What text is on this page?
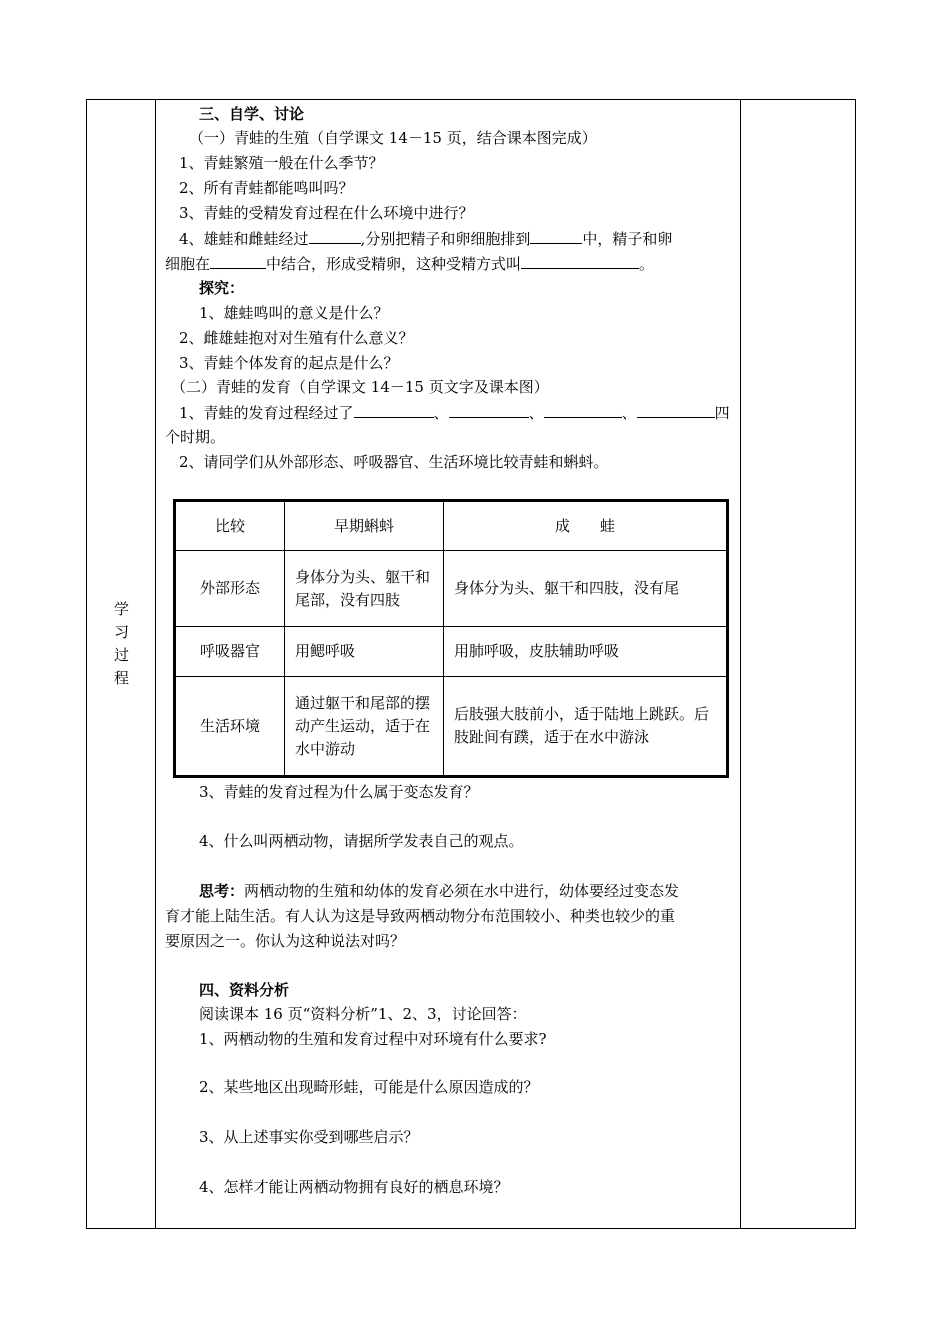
学
习
过
程
三、自学、讨论
（一）青蛙的生殖（自学课文 14－15 页，结合课本图完成）
1、青蛙繁殖一般在什么季节？
2、所有青蛙都能鸣叫吗？
3、青蛙的受精发育过程在什么环境中进行？
4、雄蛙和雌蛙经过	,分别把精子和卵细胞排到	中，精子和卵
细胞在	中结合，形成受精卵，这种受精方式叫	。
探究：
1、雄蛙鸣叫的意义是什么？
2、雌雄蛙抱对对生殖有什么意义？
3、青蛙个体发育的起点是什么？
（二）青蛙的发育（自学课文 14－15 页文字及课本图）
1、青蛙的发育过程经过了	、	、	、	四
个时期。
2、请同学们从外部形态、呼吸器官、生活环境比较青蛙和蝌蚪。
比较	早期蝌蚪	成　　蛙
外部形态	身体分为头、躯干和尾部，没有四肢	身体分为头、躯干和四肢，没有尾
呼吸器官	用鳃呼吸	用肺呼吸，皮肤辅助呼吸
生活环境	通过躯干和尾部的摆动产生运动，适于在水中游动	后肢强大肢前小，适于陆地上跳跃。后肢趾间有蹼，适于在水中游泳
3、青蛙的发育过程为什么属于变态发育？
4、什么叫两栖动物，请据所学发表自己的观点。
思考：两栖动物的生殖和幼体的发育必须在水中进行，幼体要经过变态发
育才能上陆生活。有人认为这是导致两栖动物分布范围较小、种类也较少的重
要原因之一。你认为这种说法对吗？
四、资料分析
阅读课本 16 页“资料分析”1、2、3，讨论回答：
1、两栖动物的生殖和发育过程中对环境有什么要求?
2、某些地区出现畸形蛙，可能是什么原因造成的？
3、从上述事实你受到哪些启示？
4、怎样才能让两栖动物拥有良好的栖息环境？
